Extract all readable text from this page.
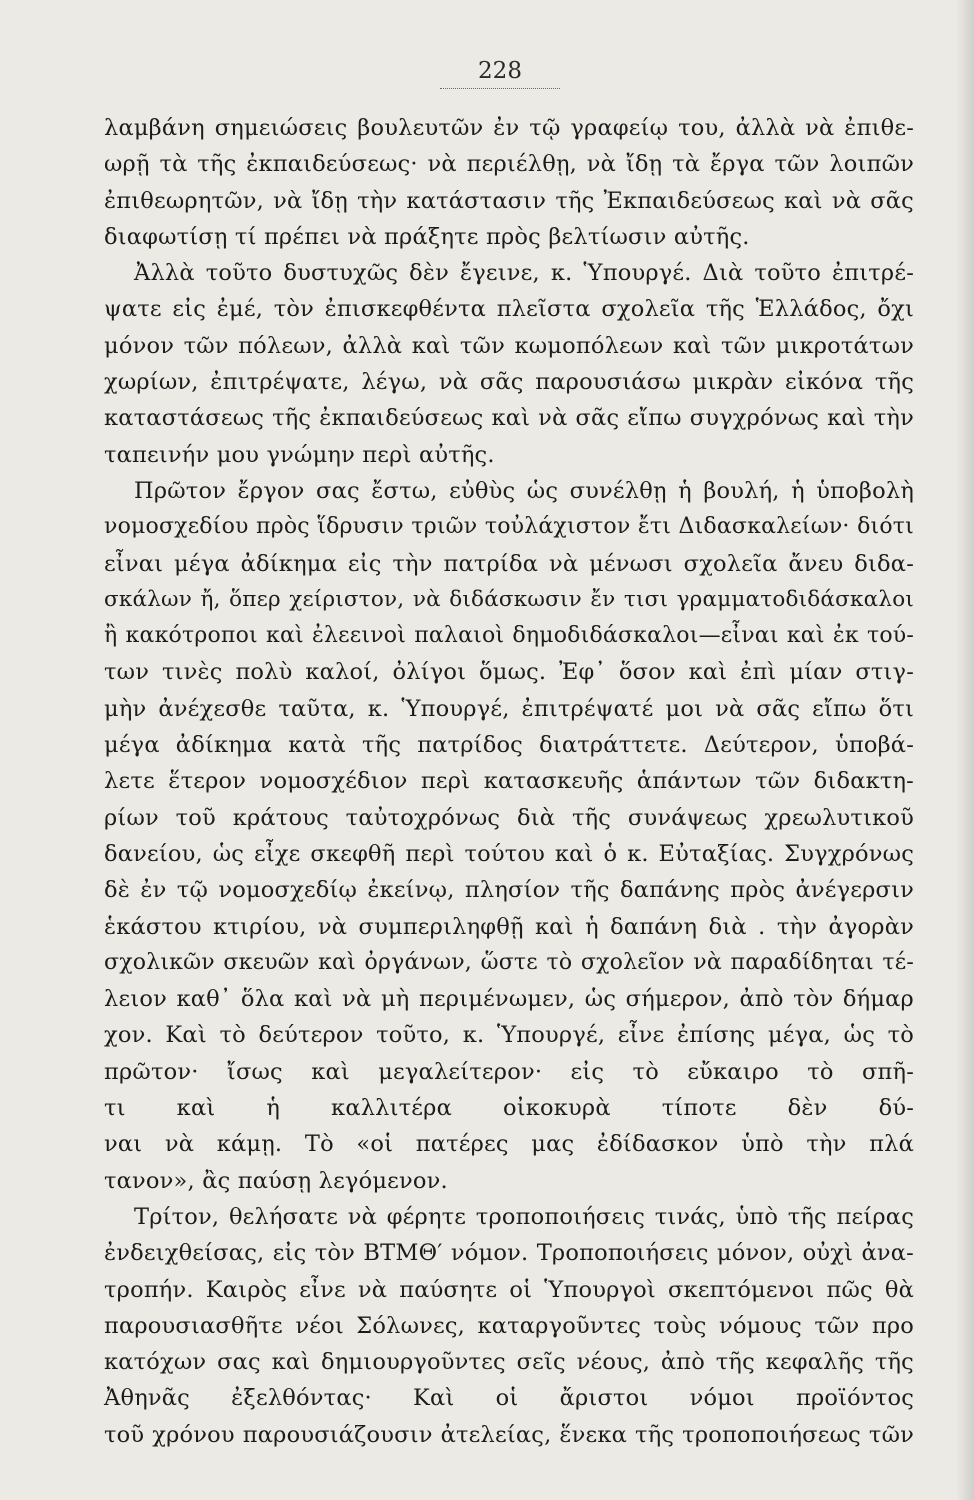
228
λαμβάνη σημειώσεις βουλευτῶν ἐν τῷ γραφείῳ του, ἀλλὰ νὰ ἐπιθε-
ωρῇ τὰ τῆς ἐκπαιδεύσεως· νὰ περιέλθῃ, νὰ ἴδῃ τὰ ἔργα τῶν λοιπῶν
ἐπιθεωρητῶν, νὰ ἴδῃ τὴν κατάστασιν τῆς Ἐκπαιδεύσεως καὶ νὰ σᾶς
διαφωτίσῃ τί πρέπει νὰ πράξητε πρὸς βελτίωσιν αὐτῆς.
Ἀλλὰ τοῦτο δυστυχῶς δὲν ἔγεινε, κ. Ὑπουργέ. Διὰ τοῦτο ἐπιτρέ-
ψατε εἰς ἐμέ, τὸν ἐπισκεφθέντα πλεῖστα σχολεῖα τῆς Ἑλλάδος, ὄχι
μόνον τῶν πόλεων, ἀλλὰ καὶ τῶν κωμοπόλεων καὶ τῶν μικροτάτων
χωρίων, ἐπιτρέψατε, λέγω, νὰ σᾶς παρουσιάσω μικρὰν εἰκόνα τῆς
καταστάσεως τῆς ἐκπαιδεύσεως καὶ νὰ σᾶς εἴπω συγχρόνως καὶ τὴν
ταπεινήν μου γνώμην περὶ αὐτῆς.
Πρῶτον ἔργον σας ἔστω, εὐθὺς ὡς συνέλθῃ ἡ βουλή, ἡ ὑποβολὴ
νομοσχεδίου πρὸς ἵδρυσιν τριῶν τοὐλάχιστον ἔτι Διδασκαλείων· διότι
εἶναι μέγα ἀδίκημα εἰς τὴν πατρίδα νὰ μένωσι σχολεῖα ἄνευ διδα-
σκάλων ἤ, ὅπερ χείριστον, νὰ διδάσκωσιν ἔν τισι γραμματοδιδάσκαλοι
ἢ κακότροποι καὶ ἐλεεινοὶ παλαιοὶ δημοδιδάσκαλοι—εἶναι καὶ ἐκ τού-
των τινὲς πολὺ καλοί, ὀλίγοι ὅμως. Ἐφ᾽ ὅσον καὶ ἐπὶ μίαν στιγ-
μὴν ἀνέχεσθε ταῦτα, κ. Ὑπουργέ, ἐπιτρέψατέ μοι νὰ σᾶς εἴπω ὅτι
μέγα ἀδίκημα κατὰ τῆς πατρίδος διατράττετε. Δεύτερον, ὑποβά-
λετε ἕτερον νομοσχέδιον περὶ κατασκευῆς ἁπάντων τῶν διδακτη-
ρίων τοῦ κράτους ταὐτοχρόνως διὰ τῆς συνάψεως χρεωλυτικοῦ
δανείου, ὡς εἶχε σκεφθῆ περὶ τούτου καὶ ὁ κ. Εὐταξίας. Συγχρόνως
δὲ ἐν τῷ νομοσχεδίῳ ἐκείνῳ, πλησίον τῆς δαπάνης πρὸς ἀνέγερσιν
ἑκάστου κτιρίου, νὰ συμπεριληφθῇ καὶ ἡ δαπάνη διὰ . τὴν ἀγορὰν
σχολικῶν σκευῶν καὶ ὀργάνων, ὥστε τὸ σχολεῖον νὰ παραδίδηται τέ-
λειον καθ᾽ ὅλα καὶ νὰ μὴ περιμένωμεν, ὡς σήμερον, ἀπὸ τὸν δήμαρ
χον. Καὶ τὸ δεύτερον τοῦτο, κ. Ὑπουργέ, εἶνε ἐπίσης μέγα, ὡς τὸ
πρῶτον· ἴσως καὶ μεγαλείτερον· εἰς τὸ εὔκαιρο τὸ σπῆ-
τι καὶ ἡ καλλιτέρα οἰκοκυρὰ τίποτε δὲν δύ-
ναι νὰ κάμῃ. Τὸ «οἱ πατέρες μας ἐδίδασκον ὑπὸ τὴν πλά
τανον», ἂς παύσῃ λεγόμενον.
Τρίτον, θελήσατε νὰ φέρητε τροποποιήσεις τινάς, ὑπὸ τῆς πείρας
ἐνδειχθείσας, εἰς τὸν ΒΤΜΘ′ νόμον. Τροποποιήσεις μόνον, οὐχὶ ἀνα-
τροπήν. Καιρὸς εἶνε νὰ παύσητε οἱ Ὑπουργοὶ σκεπτόμενοι πῶς θὰ
παρουσιασθῆτε νέοι Σόλωνες, καταργοῦντες τοὺς νόμους τῶν προ
κατόχων σας καὶ δημιουργοῦντες σεῖς νέους, ἀπὸ τῆς κεφαλῆς τῆς
Ἀθηνᾶς ἐξελθόντας· Καὶ οἱ ἄριστοι νόμοι προϊόντος
τοῦ χρόνου παρουσιάζουσιν ἀτελείας, ἕνεκα τῆς τροποποιήσεως τῶν
